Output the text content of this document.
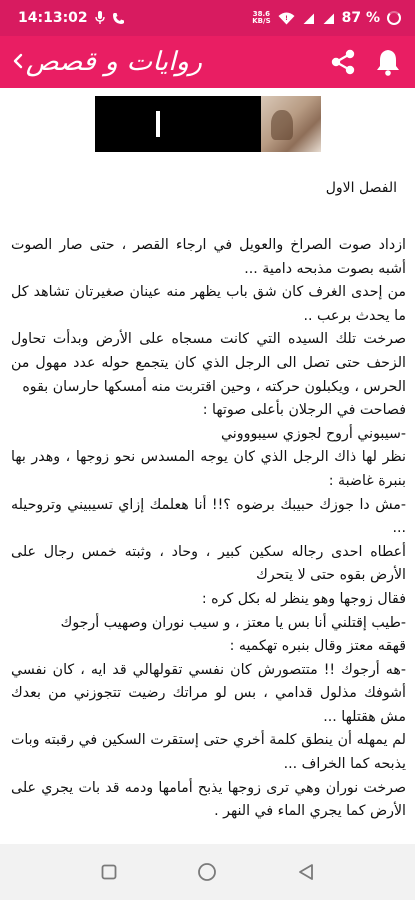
14:13:02	38.6
KB/S !	87 %
روايات و قصص
الفصل الاول

ازداد صوت الصراخ والعويل في ارجاء القصر ، حتى صار الصوت أشبه بصوت مذبحه دامية ...

من إحدى الغرف كان شق باب يظهر منه عينان صغيرتان تشاهد كل ما يحدث برعب ..

صرخت تلك السيده التي كانت مسجاه على الأرض وبدأت تحاول الزحف حتى تصل الى الرجل الذي كان يتجمع حوله عدد مهول من الحرس ، ويكبلون حركته ، وحين اقتربت منه أمسكها حارسان بقوه

فصاحت في الرجلان بأعلى صوتها :

-سيبوني أروح لجوزي سيبوووني

نظر لها ذاك الرجل الذي كان يوجه المسدس نحو زوجها ، وهدر بها بنبرة غاضبة :

-مش دا جوزك حبيبك برضوه ؟!! أنا هعلمك إزاي تسيبيني وتروحيله ...

أعطاه احدى رجاله سكين كبير ، وحاد ، وثبته خمس رجال على الأرض بقوه حتى لا يتحرك

فقال زوجها وهو ينظر له بكل كره :

-طيب إقتلني أنا بس يا معتز ، و سيب نوران وصهيب أرجوك

قهقه معتز وقال بنبره تهكميه :

-هه أرجوك !! متتصورش كان نفسي تقولهالي قد ايه ، كان نفسي أشوفك مذلول قدامي ، بس لو مراتك رضيت تتجوزني من بعدك مش هقتلها ...

لم يمهله أن ينطق كلمة أخري حتى إستقرت السكين في رقبته وبات يذبحه كما الخراف ...

صرخت نوران وهي ترى زوجها يذبح أمامها ودمه قد بات يجري على الأرض كما يجري الماء في النهر .
